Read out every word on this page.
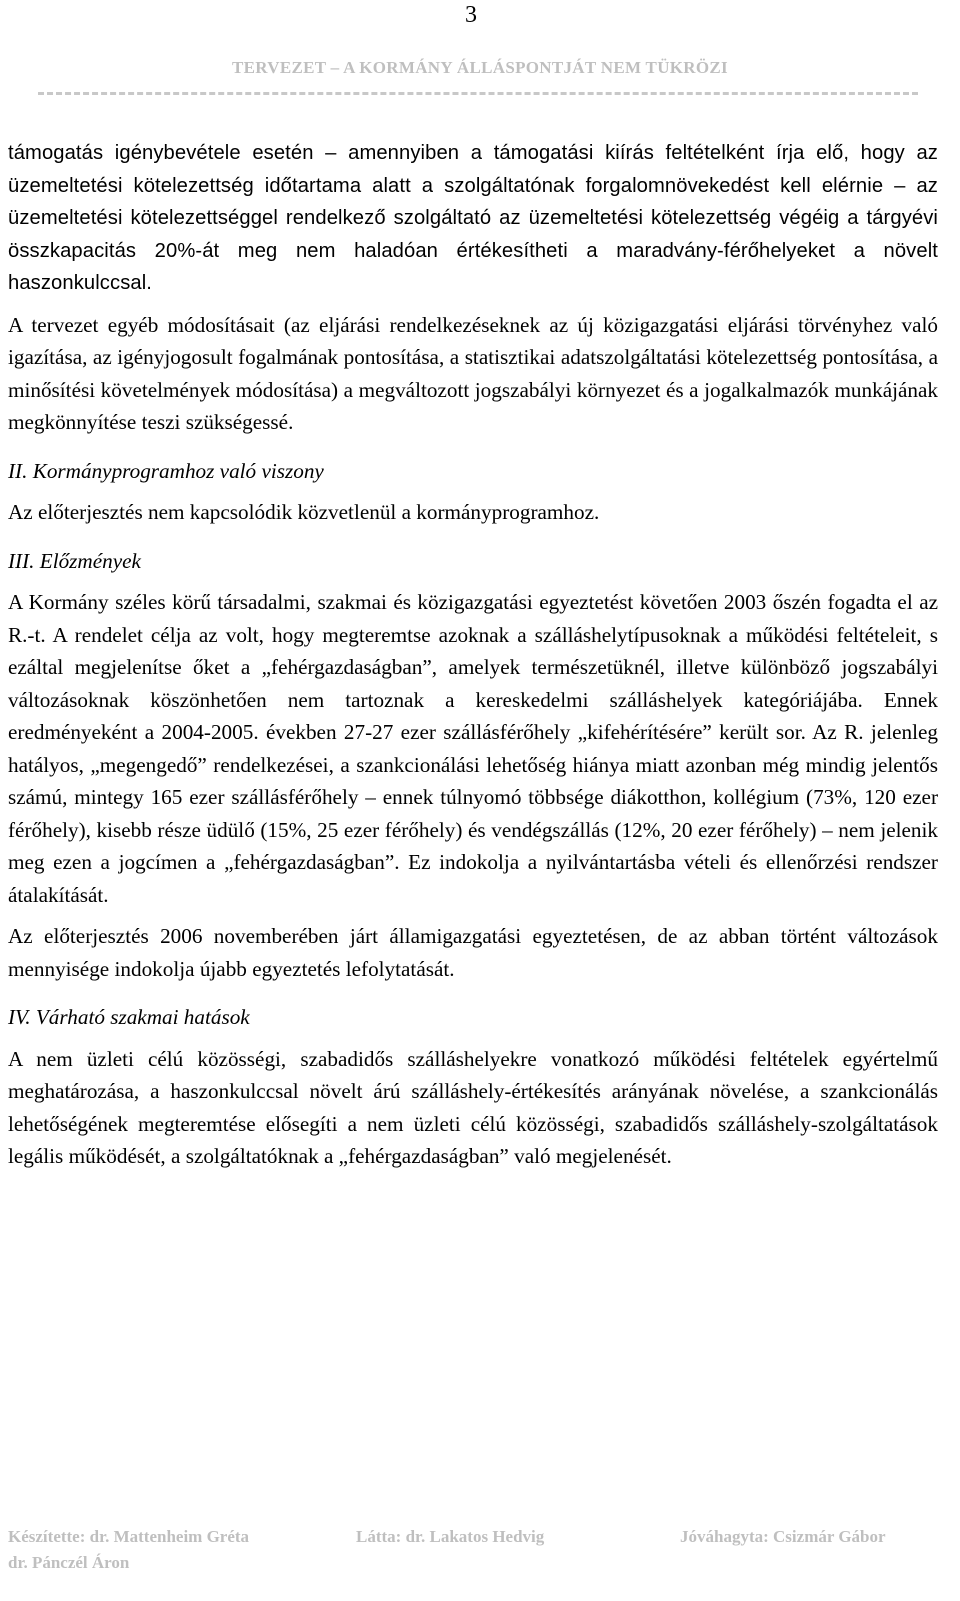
3
TERVEZET – A KORMÁNY ÁLLÁSPONTJÁT NEM TÜKRÖZI

támogatás igénybevétele esetén – amennyiben a támogatási kiírás feltételként írja elő, hogy az üzemeltetési kötelezettség időtartama alatt a szolgáltatónak forgalomnövekedést kell elérnie – az üzemeltetési kötelezettséggel rendelkező szolgáltató az üzemeltetési kötelezettség végéig a tárgyévi összkapacitás 20%-át meg nem haladóan értékesítheti a maradvány-férőhelyeket a növelt haszonkulccsal.

A tervezet egyéb módosításait (az eljárási rendelkezéseknek az új közigazgatási eljárási törvényhez való igazítása, az igényjogosult fogalmának pontosítása, a statisztikai adatszolgáltatási kötelezettség pontosítása, a minősítési követelmények módosítása) a megváltozott jogszabályi környezet és a jogalkalmazók munkájának megkönnyítése teszi szükségessé.

II. Kormányprogramhoz való viszony

Az előterjesztés nem kapcsolódik közvetlenül a kormányprogramhoz.

III. Előzmények

A Kormány széles körű társadalmi, szakmai és közigazgatási egyeztetést követően 2003 őszén fogadta el az R.-t. A rendelet célja az volt, hogy megteremtse azoknak a szálláshelytípusoknak a működési feltételeit, s ezáltal megjelenítse őket a „fehérgazdaságban”, amelyek természetüknél, illetve különböző jogszabályi változásoknak köszönhetően nem tartoznak a kereskedelmi szálláshelyek kategóriájába. Ennek eredményeként a 2004-2005. években 27-27 ezer szállásférőhely „kifehérítésére” került sor. Az R. jelenleg hatályos, „megengedő” rendelkezései, a szankcionálási lehetőség hiánya miatt azonban még mindig jelentős számú, mintegy 165 ezer szállásférőhely – ennek túlnyomó többsége diákotthon, kollégium (73%, 120 ezer férőhely), kisebb része üdülő (15%, 25 ezer férőhely) és vendégszállás (12%, 20 ezer férőhely) – nem jelenik meg ezen a jogcímen a „fehérgazdaságban”. Ez indokolja a nyilvántartásba vételi és ellenőrzési rendszer átalakítását.

Az előterjesztés 2006 novemberében járt államigazgatási egyeztetésen, de az abban történt változások mennyisége indokolja újabb egyeztetés lefolytatását.

IV. Várható szakmai hatások

A nem üzleti célú közösségi, szabadidős szálláshelyekre vonatkozó működési feltételek egyértelmű meghatározása, a haszonkulccsal növelt árú szálláshely-értékesítés arányának növelése, a szankcionálás lehetőségének megteremtése elősegíti a nem üzleti célú közösségi, szabadidős szálláshely-szolgáltatások legális működését, a szolgáltatóknak a „fehérgazdaságban” való megjelenését.

Készítette: dr. Mattenheim Gréta	Látta: dr. Lakatos Hedvig	Jóváhagyta: Csizmár Gábor
dr. Pánczél Áron
